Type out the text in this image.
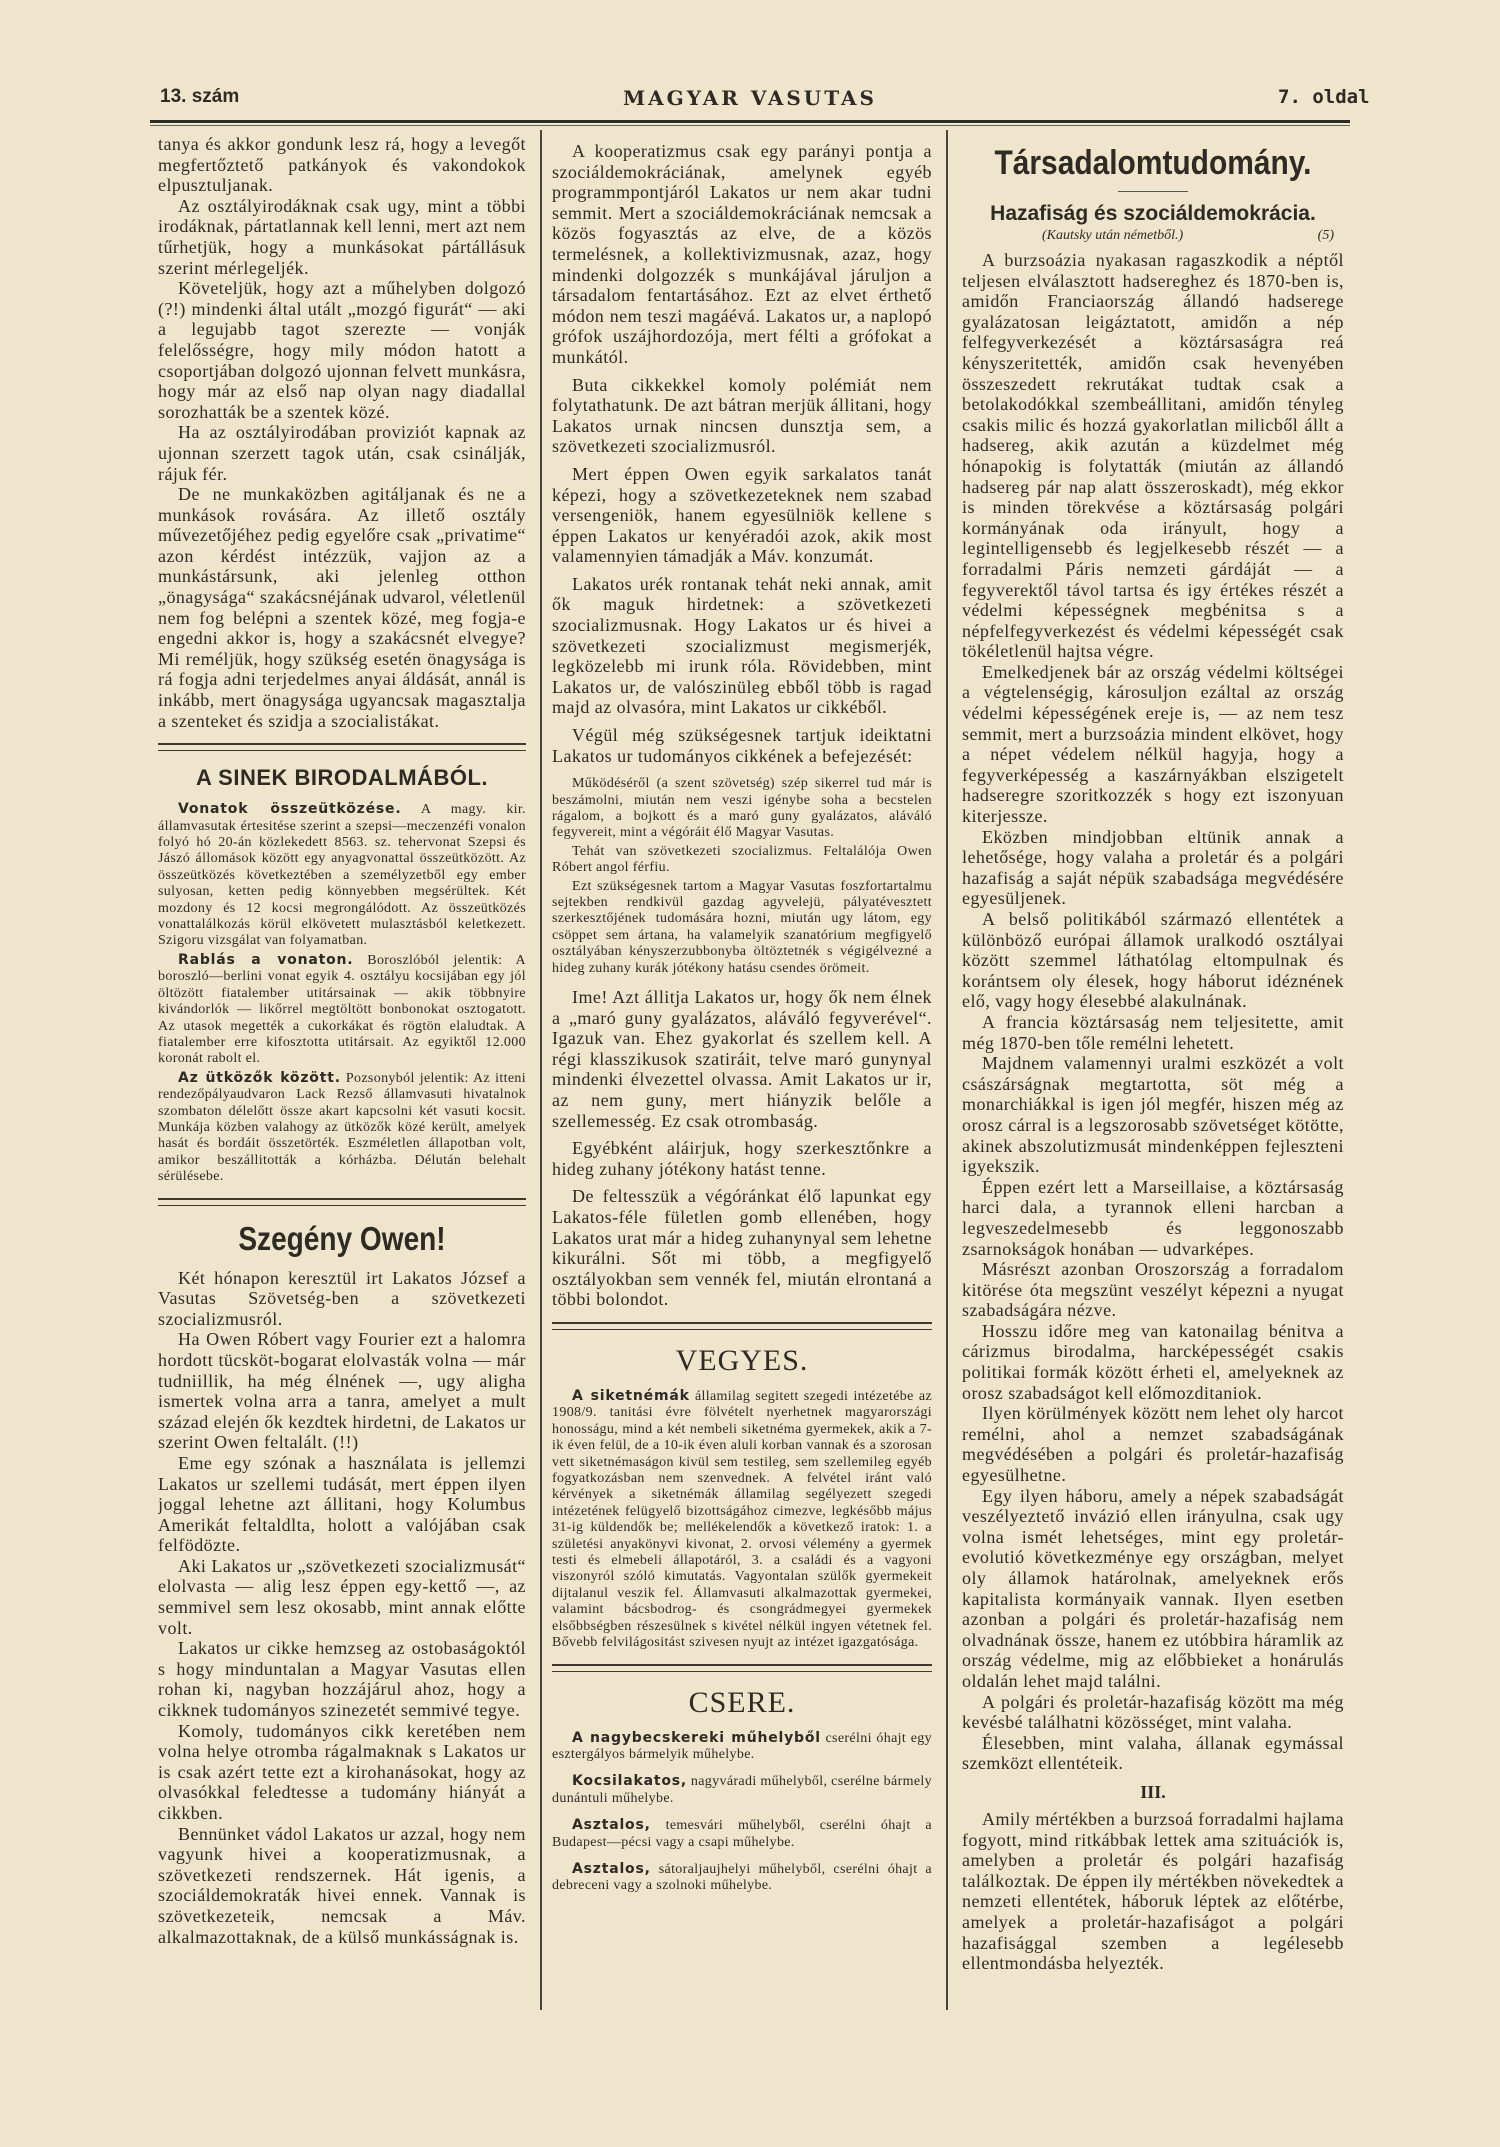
13. szám	MAGYAR VASUTAS	7. oldal

tanya és akkor gondunk lesz rá, hogy a levegőt megfertőztető patkányok és vakondokok elpusztuljanak.

Az osztályirodáknak csak ugy, mint a többi irodáknak, pártatlannak kell lenni, mert azt nem tűrhetjük, hogy a munkásokat pártállásuk szerint mérlegeljék.

Követeljük, hogy azt a műhelyben dolgozó (?!) mindenki által utált „mozgó figurát“ — aki a legujabb tagot szerezte — vonják felelősségre, hogy mily módon hatott a csoportjában dolgozó ujonnan felvett munkásra, hogy már az első nap olyan nagy diadallal sorozhatták be a szentek közé.

Ha az osztályirodában proviziót kapnak az ujonnan szerzett tagok után, csak csinálják, rájuk fér.

De ne munkaközben agitáljanak és ne a munkások rovására. Az illető osztály művezetőjéhez pedig egyelőre csak „privatime“ azon kérdést intézzük, vajjon az a munkástársunk, aki jelenleg otthon „önagysága“ szakácsnéjának udvarol, véletlenül nem fog belépni a szentek közé, meg fogja-e engedni akkor is, hogy a szakácsnét elvegye? Mi reméljük, hogy szükség esetén önagysága is rá fogja adni terjedelmes anyai áldását, annál is inkább, mert önagysága ugyancsak magasztalja a szenteket és szidja a szocialistákat.

A SINEK BIRODALMÁBÓL.

Vonatok összeütközése. A magy. kir. államvasutak értesitése szerint a szepsi—meczenzéfi vonalon folyó hó 20-án közlekedett 8563. sz. tehervonat Szepsi és Jászó állomások között egy anyagvonattal összeütközött. Az összeütközés következtében a személyzetből egy ember sulyosan, ketten pedig könnyebben megsérültek. Két mozdony és 12 kocsi megrongálódott. Az összeütközés vonattalálkozás körül elkövetett mulasztásból keletkezett. Szigoru vizsgálat van folyamatban.

Rablás a vonaton. Boroszlóból jelentik: A boroszló—berlini vonat egyik 4. osztályu kocsijában egy jól öltözött fiatalember utitársainak — akik többnyire kivándorlók — likőrrel megtöltött bonbonokat osztogatott. Az utasok megették a cukorkákat és rögtön elaludtak. A fiatalember erre kifosztotta utitársait. Az egyiktől 12.000 koronát rabolt el.

Az ütközők között. Pozsonyból jelentik: Az itteni rendezőpályaudvaron Lack Rezső államvasuti hivatalnok szombaton délelőtt össze akart kapcsolni két vasuti kocsit. Munkája közben valahogy az ütközők közé került, amelyek hasát és bordáit összetörték. Eszméletlen állapotban volt, amikor beszállitották a kórházba. Délután belehalt sérülésebe.

Szegény Owen!

Két hónapon keresztül irt Lakatos József a Vasutas Szövetség-ben a szövetkezeti szocializmusról.

Ha Owen Róbert vagy Fourier ezt a halomra hordott tücsköt-bogarat elolvasták volna — már tudniillik, ha még élnének —, ugy aligha ismertek volna arra a tanra, amelyet a mult század elején ők kezdtek hirdetni, de Lakatos ur szerint Owen feltalált. (!!)

Eme egy szónak a használata is jellemzi Lakatos ur szellemi tudását, mert éppen ilyen joggal lehetne azt állitani, hogy Kolumbus Amerikát feltaldlta, holott a valójában csak felfödözte.

Aki Lakatos ur „szövetkezeti szocializmusát“ elolvasta — alig lesz éppen egy-kettő —, az semmivel sem lesz okosabb, mint annak előtte volt.

Lakatos ur cikke hemzseg az ostobaságoktól s hogy minduntalan a Magyar Vasutas ellen rohan ki, nagyban hozzájárul ahoz, hogy a cikknek tudományos szinezetét semmivé tegye.

Komoly, tudományos cikk keretében nem volna helye otromba rágalmaknak s Lakatos ur is csak azért tette ezt a kirohanásokat, hogy az olvasókkal feledtesse a tudomány hiányát a cikkben.

Bennünket vádol Lakatos ur azzal, hogy nem vagyunk hivei a kooperatizmusnak, a szövetkezeti rendszernek. Hát igenis, a szociáldemokraták hivei ennek. Vannak is szövetkezeteik, nemcsak a Máv. alkalmazottaknak, de a külső munkásságnak is.

A kooperatizmus csak egy parányi pontja a szociáldemokráciának, amelynek egyéb programmpontjáról Lakatos ur nem akar tudni semmit. Mert a szociáldemokráciának nemcsak a közös fogyasztás az elve, de a közös termelésnek, a kollektivizmusnak, azaz, hogy mindenki dolgozzék s munkájával járuljon a társadalom fentartásához. Ezt az elvet érthető módon nem teszi magáévá. Lakatos ur, a naplopó grófok uszájhordozója, mert félti a grófokat a munkától.

Buta cikkekkel komoly polémiát nem folytathatunk. De azt bátran merjük állitani, hogy Lakatos urnak nincsen dunsztja sem, a szövetkezeti szocializmusról.

Mert éppen Owen egyik sarkalatos tanát képezi, hogy a szövetkezeteknek nem szabad versengeniök, hanem egyesülniök kellene s éppen Lakatos ur kenyéradói azok, akik most valamennyien támadják a Máv. konzumát.

Lakatos urék rontanak tehát neki annak, amit ők maguk hirdetnek: a szövetkezeti szocializmusnak. Hogy Lakatos ur és hivei a szövetkezeti szocializmust megismerjék, legközelebb mi irunk róla. Rövidebben, mint Lakatos ur, de valószinüleg ebből több is ragad majd az olvasóra, mint Lakatos ur cikkéből.

Végül még szükségesnek tartjuk ideiktatni Lakatos ur tudományos cikkének a befejezését:

Működéséről (a szent szövetség) szép sikerrel tud már is beszámolni, miután nem veszi igénybe soha a becstelen rágalom, a bojkott és a maró guny gyalázatos, aláváló fegyvereit, mint a végóráit élő Magyar Vasutas.

Tehát van szövetkezeti szocializmus. Feltalálója Owen Róbert angol férfiu.

Ezt szükségesnek tartom a Magyar Vasutas foszfortartalmu sejtekben rendkivül gazdag agyvelejü, pályatévesztett szerkesztőjének tudomására hozni, miután ugy látom, egy csöppet sem ártana, ha valamelyik szanatórium megfigyelő osztályában kényszerzubbonyba öltöztetnék s végigélvezné a hideg zuhany kurák jótékony hatásu csendes örömeit.

Ime! Azt állitja Lakatos ur, hogy ők nem élnek a „maró guny gyalázatos, aláváló fegyverével“. Igazuk van. Ehez gyakorlat és szellem kell. A régi klasszikusok szatiráit, telve maró gunynyal mindenki élvezettel olvassa. Amit Lakatos ur ir, az nem guny, mert hiányzik belőle a szellemesség. Ez csak otrombaság.

Egyébként aláirjuk, hogy szerkesztőnkre a hideg zuhany jótékony hatást tenne.

De feltesszük a végóránkat élő lapunkat egy Lakatos-féle fületlen gomb ellenében, hogy Lakatos urat már a hideg zuhanynyal sem lehetne kikurálni. Sőt mi több, a megfigyelő osztályokban sem vennék fel, miután elrontaná a többi bolondot.

VEGYES.

A siketnémák államilag segitett szegedi intézetébe az 1908/9. tanitási évre fölvételt nyerhetnek magyarországi honosságu, mind a két nembeli siketnéma gyermekek, akik a 7-ik éven felül, de a 10-ik éven aluli korban vannak és a szorosan vett siketnémaságon kivül sem testileg, sem szellemileg egyéb fogyatkozásban nem szenvednek. A felvétel iránt való kérvények a siketnémák államilag segélyezett szegedi intézetének felügyelő bizottságához cimezve, legkésőbb május 31-ig küldendők be; mellékelendők a következő iratok: 1. a születési anyakönyvi kivonat, 2. orvosi vélemény a gyermek testi és elmebeli állapotáról, 3. a családi és a vagyoni viszonyról szóló kimutatás. Vagyontalan szülők gyermekeit dijtalanul veszik fel. Államvasuti alkalmazottak gyermekei, valamint bácsbodrog- és csongrádmegyei gyermekek elsőbbségben részesülnek s kivétel nélkül ingyen vétetnek fel. Bővebb felvilágositást szivesen nyujt az intézet igazgatósága.

CSERE.

A nagybecskereki műhelyből cserélni óhajt egy esztergályos bármelyik műhelybe.

Kocsilakatos, nagyváradi műhelyből, cserélne bármely dunántuli műhelybe.

Asztalos, temesvári műhelyből, cserélni óhajt a Budapest—pécsi vagy a csapi műhelybe.

Asztalos, sátoraljaujhelyi műhelyből, cserélni óhajt a debreceni vagy a szolnoki műhelybe.

Társadalomtudomány.
Hazafiság és szociáldemokrácia.
(Kautsky után németből.)	(5)

A burzsoázia nyakasan ragaszkodik a néptől teljesen elválasztott hadsereghez és 1870-ben is, amidőn Franciaország állandó hadserege gyalázatosan leigáztatott, amidőn a nép felfegyverkezését a köztársaságra reá kényszeritették, amidőn csak hevenyében összeszedett rekrutákat tudtak csak a betolakodókkal szembeállitani, amidőn tényleg csakis milic és hozzá gyakorlatlan milicből állt a hadsereg, akik azután a küzdelmet még hónapokig is folytatták (miután az állandó hadsereg pár nap alatt összeroskadt), még ekkor is minden törekvése a köztársaság polgári kormányának oda irányult, hogy a legintelligensebb és legjelkesebb részét — a forradalmi Páris nemzeti gárdáját — a fegyverektől távol tartsa és igy értékes részét a védelmi képességnek megbénitsa s a népfelfegyverkezést és védelmi képességét csak tökéletlenül hajtsa végre.

Emelkedjenek bár az ország védelmi költségei a végtelenségig, károsuljon ezáltal az ország védelmi képességének ereje is, — az nem tesz semmit, mert a burzsoázia mindent elkövet, hogy a népet védelem nélkül hagyja, hogy a fegyverképesség a kaszárnyákban elszigetelt hadseregre szoritkozzék s hogy ezt iszonyuan kiterjessze.

Eközben mindjobban eltünik annak a lehetősége, hogy valaha a proletár és a polgári hazafiság a saját népük szabadsága megvédésére egyesüljenek.

A belső politikából származó ellentétek a különböző európai államok uralkodó osztályai között szemmel láthatólag eltompulnak és korántsem oly élesek, hogy háborut idéznének elő, vagy hogy élesebbé alakulnának.

A francia köztársaság nem teljesitette, amit még 1870-ben tőle remélni lehetett.

Majdnem valamennyi uralmi eszközét a volt császárságnak megtartotta, söt még a monarchiákkal is igen jól megfér, hiszen még az orosz cárral is a legszorosabb szövetséget kötötte, akinek abszolutizmusát mindenképpen fejleszteni igyekszik.

Éppen ezért lett a Marseillaise, a köztársaság harci dala, a tyrannok elleni harcban a legveszedelmesebb és leggonoszabb zsarnokságok honában — udvarképes.

Másrészt azonban Oroszország a forradalom kitörése óta megszünt veszélyt képezni a nyugat szabadságára nézve.

Hosszu időre meg van katonailag bénitva a cárizmus birodalma, harcképességét csakis politikai formák között érheti el, amelyeknek az orosz szabadságot kell előmozditaniok.

Ilyen körülmények között nem lehet oly harcot remélni, ahol a nemzet szabadságának megvédésében a polgári és proletár-hazafiság egyesülhetne.

Egy ilyen háboru, amely a népek szabadságát veszélyeztető invázió ellen irányulna, csak ugy volna ismét lehetséges, mint egy proletár-evolutió következménye egy országban, melyet oly államok határolnak, amelyeknek erős kapitalista kormányaik vannak. Ilyen esetben azonban a polgári és proletár-hazafiság nem olvadnának össze, hanem ez utóbbira háramlik az ország védelme, mig az előbbieket a honárulás oldalán lehet majd találni.

A polgári és proletár-hazafiság között ma még kevésbé találhatni közösséget, mint valaha.

Élesebben, mint valaha, állanak egymással szemközt ellentéteik.

III.

Amily mértékben a burzsoá forradalmi hajlama fogyott, mind ritkábbak lettek ama szituációk is, amelyben a proletár és polgári hazafiság találkoztak. De éppen ily mértékben növekedtek a nemzeti ellentétek, háboruk léptek az előtérbe, amelyek a proletár-hazafiságot a polgári hazafisággal szemben a legélesebb ellentmondásba helyezték.
